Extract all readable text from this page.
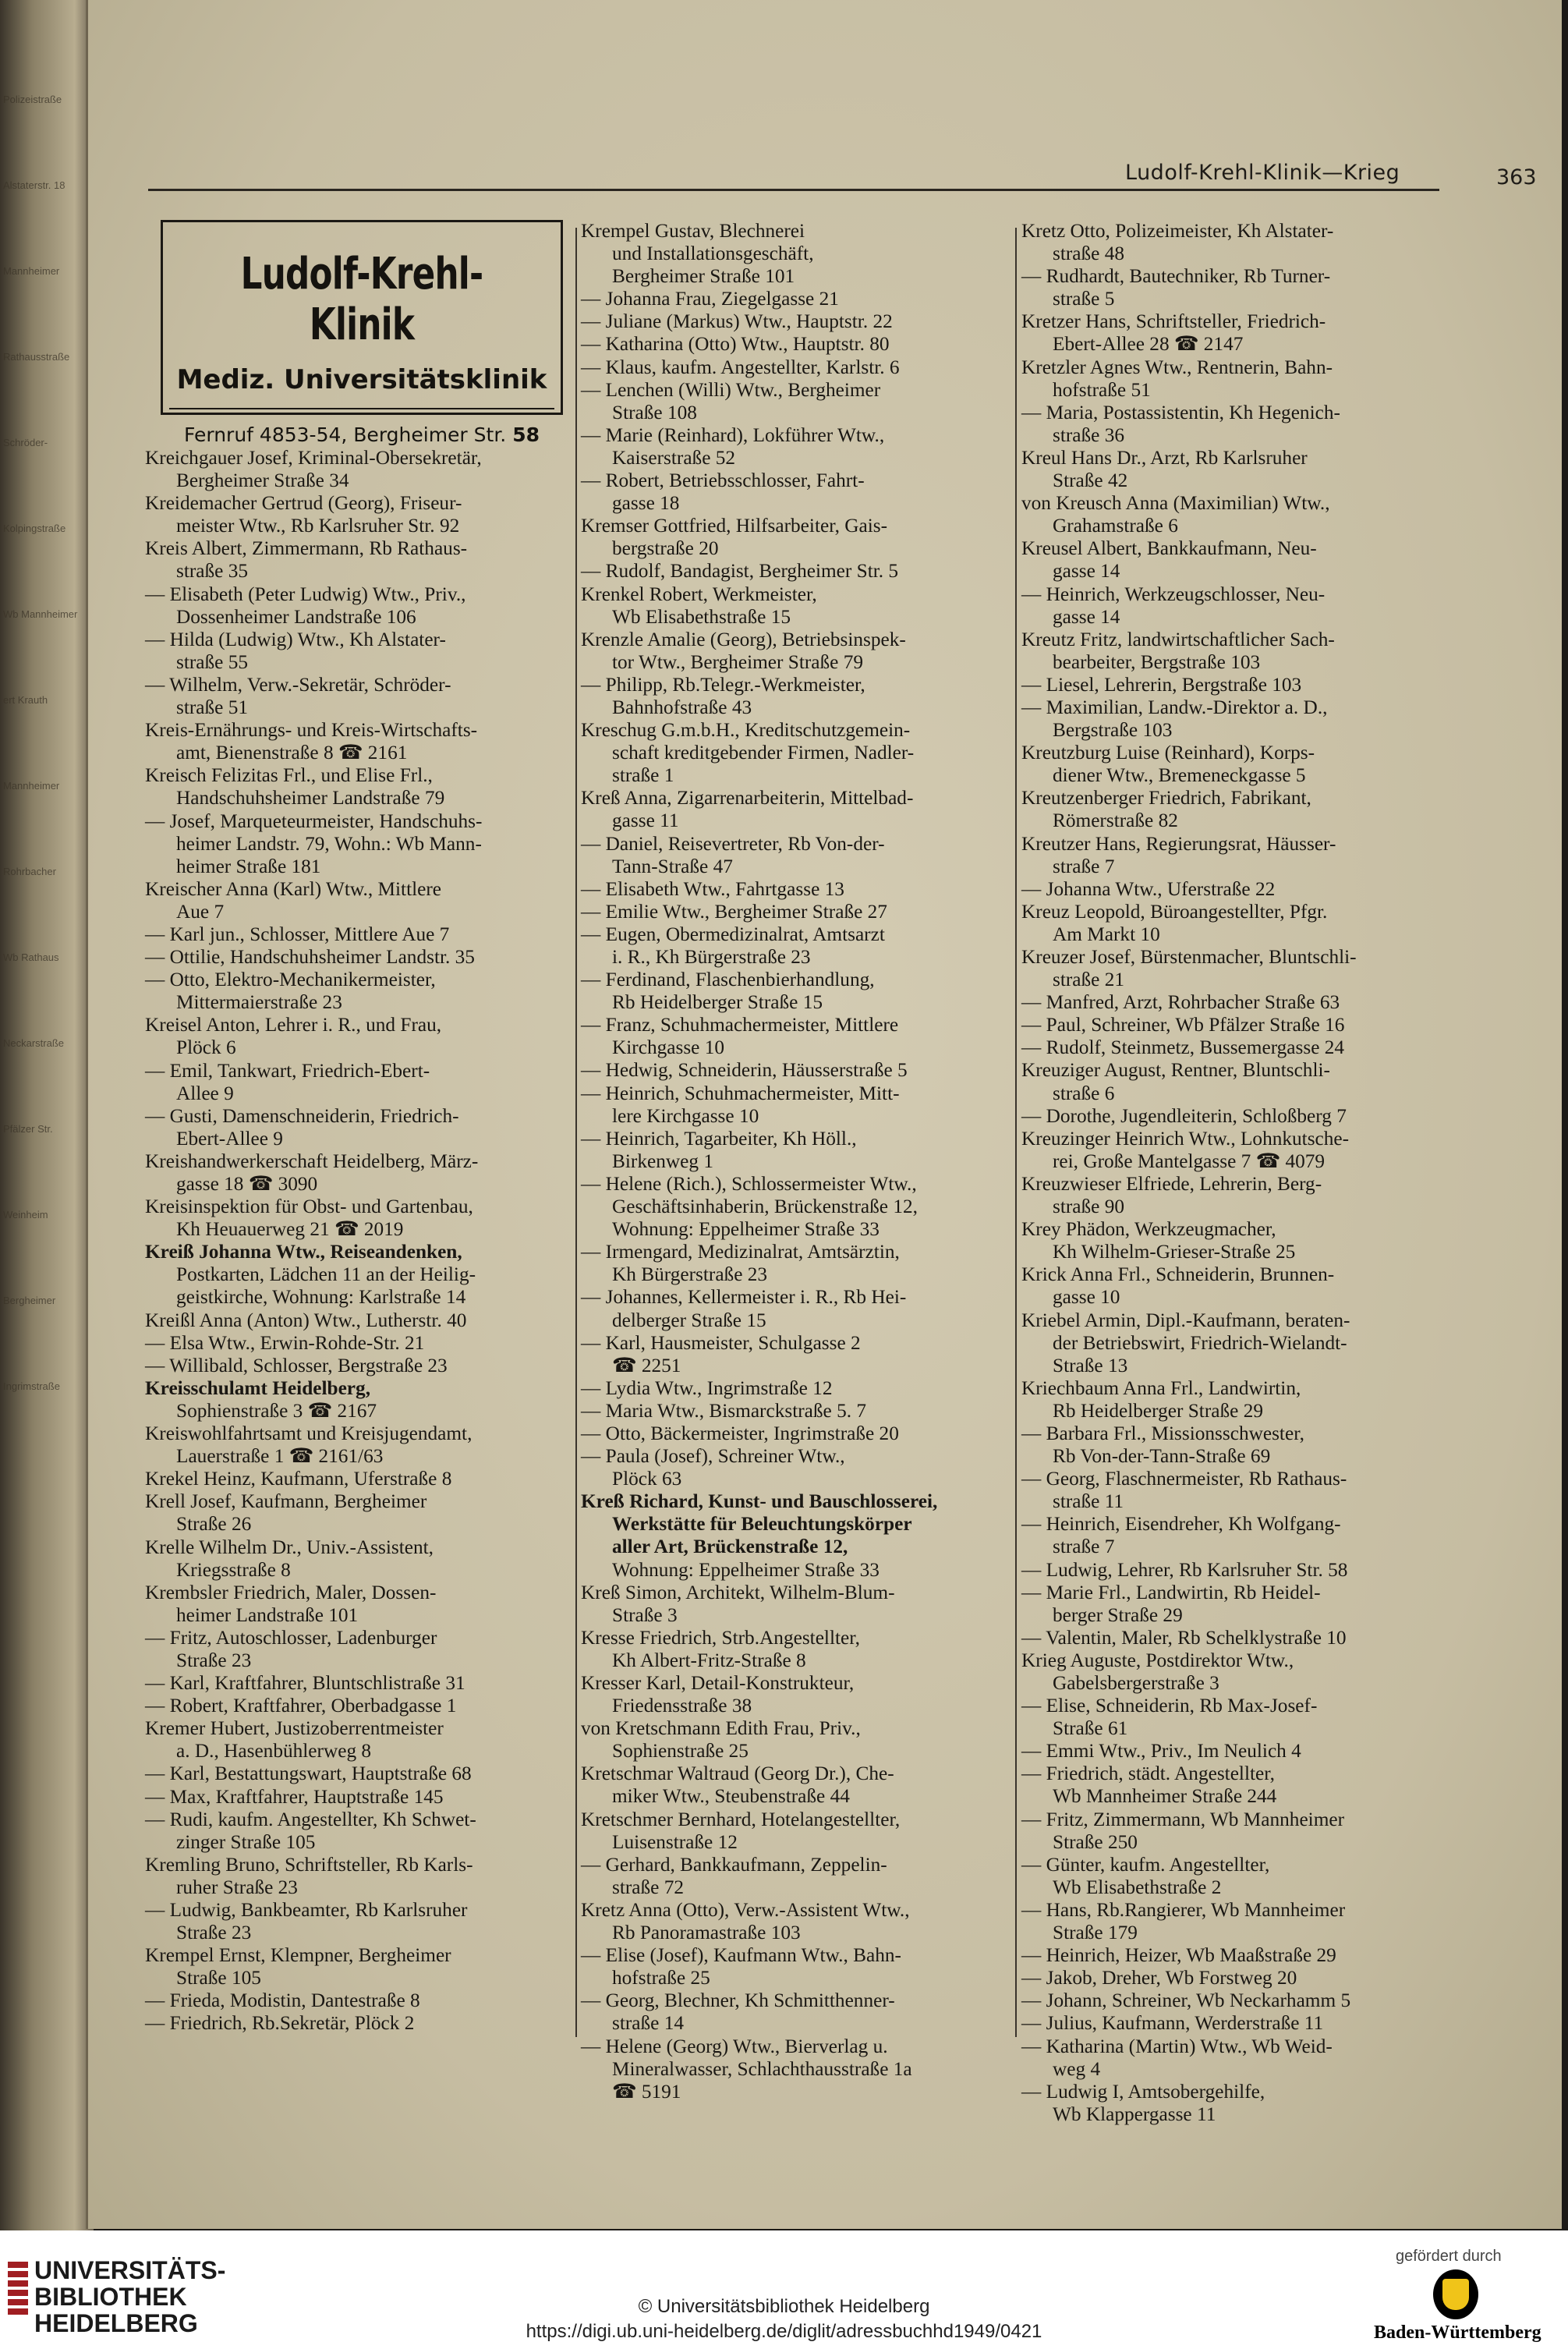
Polizeistraße
Alstaterstr. 18
Mannheimer
Rathausstraße
Schröder-
Kolpingstraße
Wb Mannheimer
ert Krauth
Mannheimer
Rohrbacher
Wb Rathaus
Neckarstraße
Pfälzer Str.
Weinheim
Bergheimer
Ingrimstraße
Ludolf-Krehl-Klinik—Krieg	363
Ludolf-Krehl-Klinik
Mediz. Universitätsklinik
Fernruf 4853-54, Bergheimer Str. 58
Kreichgauer Josef, Kriminal-Obersekretär,
Bergheimer Straße 34
Kreidemacher Gertrud (Georg), Friseur-
meister Wtw., Rb Karlsruher Str. 92
Kreis Albert, Zimmermann, Rb Rathaus-
straße 35
— Elisabeth (Peter Ludwig) Wtw., Priv.,
Dossenheimer Landstraße 106
— Hilda (Ludwig) Wtw., Kh Alstater-
straße 55
— Wilhelm, Verw.-Sekretär, Schröder-
straße 51
Kreis-Ernährungs- und Kreis-Wirtschafts-
amt, Bienenstraße 8 ☎ 2161
Kreisch Felizitas Frl., und Elise Frl.,
Handschuhsheimer Landstraße 79
— Josef, Marqueteurmeister, Handschuhs-
heimer Landstr. 79, Wohn.: Wb Mann-
heimer Straße 181
Kreischer Anna (Karl) Wtw., Mittlere
Aue 7
— Karl jun., Schlosser, Mittlere Aue 7
— Ottilie, Handschuhsheimer Landstr. 35
— Otto, Elektro-Mechanikermeister,
Mittermaierstraße 23
Kreisel Anton, Lehrer i. R., und Frau,
Plöck 6
— Emil, Tankwart, Friedrich-Ebert-
Allee 9
— Gusti, Damenschneiderin, Friedrich-
Ebert-Allee 9
Kreishandwerkerschaft Heidelberg, März-
gasse 18 ☎ 3090
Kreisinspektion für Obst- und Gartenbau,
Kh Heuauerweg 21 ☎ 2019
Kreiß Johanna Wtw., Reiseandenken,
Postkarten, Lädchen 11 an der Heilig-
geistkirche, Wohnung: Karlstraße 14
Kreißl Anna (Anton) Wtw., Lutherstr. 40
— Elsa Wtw., Erwin-Rohde-Str. 21
— Willibald, Schlosser, Bergstraße 23
Kreisschulamt Heidelberg,
Sophienstraße 3 ☎ 2167
Kreiswohlfahrtsamt und Kreisjugendamt,
Lauerstraße 1 ☎ 2161/63
Krekel Heinz, Kaufmann, Uferstraße 8
Krell Josef, Kaufmann, Bergheimer
Straße 26
Krelle Wilhelm Dr., Univ.-Assistent,
Kriegsstraße 8
Krembsler Friedrich, Maler, Dossen-
heimer Landstraße 101
— Fritz, Autoschlosser, Ladenburger
Straße 23
— Karl, Kraftfahrer, Bluntschlistraße 31
— Robert, Kraftfahrer, Oberbadgasse 1
Kremer Hubert, Justizoberrentmeister
a. D., Hasenbühlerweg 8
— Karl, Bestattungswart, Hauptstraße 68
— Max, Kraftfahrer, Hauptstraße 145
— Rudi, kaufm. Angestellter, Kh Schwet-
zinger Straße 105
Kremling Bruno, Schriftsteller, Rb Karls-
ruher Straße 23
— Ludwig, Bankbeamter, Rb Karlsruher
Straße 23
Krempel Ernst, Klempner, Bergheimer
Straße 105
— Frieda, Modistin, Dantestraße 8
— Friedrich, Rb.Sekretär, Plöck 2
Krempel Gustav, Blechnerei
und Installationsgeschäft,
Bergheimer Straße 101
— Johanna Frau, Ziegelgasse 21
— Juliane (Markus) Wtw., Hauptstr. 22
— Katharina (Otto) Wtw., Hauptstr. 80
— Klaus, kaufm. Angestellter, Karlstr. 6
— Lenchen (Willi) Wtw., Bergheimer
Straße 108
— Marie (Reinhard), Lokführer Wtw.,
Kaiserstraße 52
— Robert, Betriebsschlosser, Fahrt-
gasse 18
Kremser Gottfried, Hilfsarbeiter, Gais-
bergstraße 20
— Rudolf, Bandagist, Bergheimer Str. 5
Krenkel Robert, Werkmeister,
Wb Elisabethstraße 15
Krenzle Amalie (Georg), Betriebsinspek-
tor Wtw., Bergheimer Straße 79
— Philipp, Rb.Telegr.-Werkmeister,
Bahnhofstraße 43
Kreschug G.m.b.H., Kreditschutzgemein-
schaft kreditgebender Firmen, Nadler-
straße 1
Kreß Anna, Zigarrenarbeiterin, Mittelbad-
gasse 11
— Daniel, Reisevertreter, Rb Von-der-
Tann-Straße 47
— Elisabeth Wtw., Fahrtgasse 13
— Emilie Wtw., Bergheimer Straße 27
— Eugen, Obermedizinalrat, Amtsarzt
i. R., Kh Bürgerstraße 23
— Ferdinand, Flaschenbierhandlung,
Rb Heidelberger Straße 15
— Franz, Schuhmachermeister, Mittlere
Kirchgasse 10
— Hedwig, Schneiderin, Häusserstraße 5
— Heinrich, Schuhmachermeister, Mitt-
lere Kirchgasse 10
— Heinrich, Tagarbeiter, Kh Höll.,
Birkenweg 1
— Helene (Rich.), Schlossermeister Wtw.,
Geschäftsinhaberin, Brückenstraße 12,
Wohnung: Eppelheimer Straße 33
— Irmengard, Medizinalrat, Amtsärztin,
Kh Bürgerstraße 23
— Johannes, Kellermeister i. R., Rb Hei-
delberger Straße 15
— Karl, Hausmeister, Schulgasse 2
☎ 2251
— Lydia Wtw., Ingrimstraße 12
— Maria Wtw., Bismarckstraße 5. 7
— Otto, Bäckermeister, Ingrimstraße 20
— Paula (Josef), Schreiner Wtw.,
Plöck 63
Kreß Richard, Kunst- und Bauschlosserei,
Werkstätte für Beleuchtungskörper
aller Art, Brückenstraße 12,
Wohnung: Eppelheimer Straße 33
Kreß Simon, Architekt, Wilhelm-Blum-
Straße 3
Kresse Friedrich, Strb.Angestellter,
Kh Albert-Fritz-Straße 8
Kresser Karl, Detail-Konstrukteur,
Friedensstraße 38
von Kretschmann Edith Frau, Priv.,
Sophienstraße 25
Kretschmar Waltraud (Georg Dr.), Che-
miker Wtw., Steubenstraße 44
Kretschmer Bernhard, Hotelangestellter,
Luisenstraße 12
— Gerhard, Bankkaufmann, Zeppelin-
straße 72
Kretz Anna (Otto), Verw.-Assistent Wtw.,
Rb Panoramastraße 103
— Elise (Josef), Kaufmann Wtw., Bahn-
hofstraße 25
— Georg, Blechner, Kh Schmitthenner-
straße 14
— Helene (Georg) Wtw., Bierverlag u.
Mineralwasser, Schlachthausstraße 1a
☎ 5191
Kretz Otto, Polizeimeister, Kh Alstater-
straße 48
— Rudhardt, Bautechniker, Rb Turner-
straße 5
Kretzer Hans, Schriftsteller, Friedrich-
Ebert-Allee 28 ☎ 2147
Kretzler Agnes Wtw., Rentnerin, Bahn-
hofstraße 51
— Maria, Postassistentin, Kh Hegenich-
straße 36
Kreul Hans Dr., Arzt, Rb Karlsruher
Straße 42
von Kreusch Anna (Maximilian) Wtw.,
Grahamstraße 6
Kreusel Albert, Bankkaufmann, Neu-
gasse 14
— Heinrich, Werkzeugschlosser, Neu-
gasse 14
Kreutz Fritz, landwirtschaftlicher Sach-
bearbeiter, Bergstraße 103
— Liesel, Lehrerin, Bergstraße 103
— Maximilian, Landw.-Direktor a. D.,
Bergstraße 103
Kreutzburg Luise (Reinhard), Korps-
diener Wtw., Bremeneckgasse 5
Kreutzenberger Friedrich, Fabrikant,
Römerstraße 82
Kreutzer Hans, Regierungsrat, Häusser-
straße 7
— Johanna Wtw., Uferstraße 22
Kreuz Leopold, Büroangestellter, Pfgr.
Am Markt 10
Kreuzer Josef, Bürstenmacher, Bluntschli-
straße 21
— Manfred, Arzt, Rohrbacher Straße 63
— Paul, Schreiner, Wb Pfälzer Straße 16
— Rudolf, Steinmetz, Bussemergasse 24
Kreuziger August, Rentner, Bluntschli-
straße 6
— Dorothe, Jugendleiterin, Schloßberg 7
Kreuzinger Heinrich Wtw., Lohnkutsche-
rei, Große Mantelgasse 7 ☎ 4079
Kreuzwieser Elfriede, Lehrerin, Berg-
straße 90
Krey Phädon, Werkzeugmacher,
Kh Wilhelm-Grieser-Straße 25
Krick Anna Frl., Schneiderin, Brunnen-
gasse 10
Kriebel Armin, Dipl.-Kaufmann, beraten-
der Betriebswirt, Friedrich-Wielandt-
Straße 13
Kriechbaum Anna Frl., Landwirtin,
Rb Heidelberger Straße 29
— Barbara Frl., Missionsschwester,
Rb Von-der-Tann-Straße 69
— Georg, Flaschnermeister, Rb Rathaus-
straße 11
— Heinrich, Eisendreher, Kh Wolfgang-
straße 7
— Ludwig, Lehrer, Rb Karlsruher Str. 58
— Marie Frl., Landwirtin, Rb Heidel-
berger Straße 29
— Valentin, Maler, Rb Schelklystraße 10
Krieg Auguste, Postdirektor Wtw.,
Gabelsbergerstraße 3
— Elise, Schneiderin, Rb Max-Josef-
Straße 61
— Emmi Wtw., Priv., Im Neulich 4
— Friedrich, städt. Angestellter,
Wb Mannheimer Straße 244
— Fritz, Zimmermann, Wb Mannheimer
Straße 250
— Günter, kaufm. Angestellter,
Wb Elisabethstraße 2
— Hans, Rb.Rangierer, Wb Mannheimer
Straße 179
— Heinrich, Heizer, Wb Maaßstraße 29
— Jakob, Dreher, Wb Forstweg 20
— Johann, Schreiner, Wb Neckarhamm 5
— Julius, Kaufmann, Werderstraße 11
— Katharina (Martin) Wtw., Wb Weid-
weg 4
— Ludwig I, Amtsobergehilfe,
Wb Klappergasse 11
UNIVERSITÄTS-
BIBLIOTHEK
HEIDELBERG
© Universitätsbibliothek Heidelberg
https://digi.ub.uni-heidelberg.de/diglit/adressbuchhd1949/0421
gefördert durch
Baden-Württemberg
